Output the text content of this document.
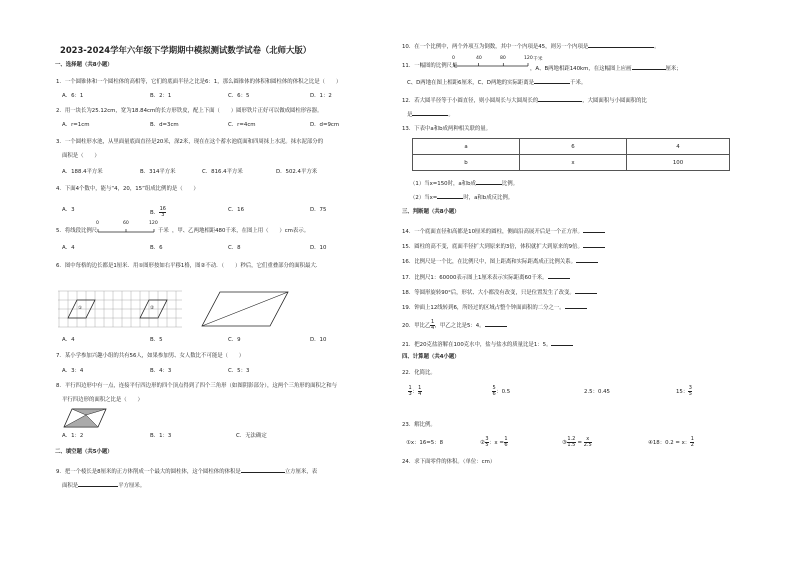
2023-2024学年六年级下学期期中模拟测试数学试卷（北师大版）
一、选择题（共8小题）
1．一个圆锥体和一个圆柱体的高相等，它们的底面半径之比是6：1，那么圆锥体的体积和圆柱体的体积之比是（　　）
A．6：1	B．2：1	C．6：5	D．1：2
2．用一块长为25.12cm，宽为18.84cm的长方形铁皮，配上下面（　　）圆形铁片正好可以做成圆柱形容器。
A．r=1cm	B．d=3cm	C．r=4cm	D．d=9cm
3．一个圆柱形水池，从里面量底面直径是20米，深2米，现在在这个蓄水池底面和四周抹上水泥。抹水泥部分的
面积是（　　）
A．188.4平方米	B．314平方米	C．816.4平方米	D．502.4平方米
4．下面4个数中，能与“4，20，15”组成比例的是（　　）
A．3	B． $\frac{16}{3}$	C．16	D．75
5．将线段比例尺
0	60	120
千米 ，甲、乙两地相距480千米，在图上用（　　）cm表示。
A．4	B．6	C．8	D．10
6．图中每格的边长都是1厘米．用①图形按如右平移1格，图②不动．（　　）秒后，它们重叠部分的面积最大．
①	②
A．4	B．5	C．9	D．10
7．某小学参加兴趣小组的共有56人，如果参加男、女人数比不可能是（　　）
A．3：4	B．4：3	C．5：3
8．平行四边形中有一点，连接平行四边形的四个顶点得到了四个三角形（如图阴影部分），这两个三角形的面积之和与
平行四边形的面积之比是（　　）
A．1：2	B．1：3	C．无法确定
二、填空题（共5小题）
9．把一个棱长是8厘米的正方体削成一个最大的圆柱体，这个圆柱体的体积是	立方厘米，表
面积是	平方厘米。
10．在一个比例中，两个外项互为倒数，其中一个内项是45，则另一个内项是	。
11．一幅图的比例尺是
0	40	80	120 千米
，A、B两地相距140km，在这幅图上应画	厘米；
C、D两地在图上相距6厘米，C、D两地的实际距离是	千米。
12．若大圆半径等于小圆直径，则小圆周长与大圆周长的	，大圆面积与小圆面积的比
是	。
13．下表中a和b成两种相关联的量。
a	6	4
b	x	100
（1）当x=150时，a和b成	比例。
（2）当x=	时，a和b成反比例。
三、判断题（共8小题）
14．一个底面直径和高都是10厘米的圆柱，侧面沿高展开后是一个正方形。
15．圆柱的高不变，底面半径扩大到原来的3倍，体积就扩大到原来的9倍。
16．比例尺是一个比，在比例尺中，图上距离和实际距离成正比例关系。
17．比例尺1：60000表示图上1厘米表示实际距离60千米。
18．等圆形旋转90°后，形状、大小都没有改变，只是位置发生了改变。
19．钟面上12线转到6，所经过的区域占整个钟面面积的二分之一。
20．甲比乙 $\frac{1}{4}$ ，甲乙之比是5：4。
21．把20克盐溶解在100克水中，盐与盐水的质量比是1：5。
四、计算题（共4小题）
22．化简比。
$\frac{1}{3}$ ： $\frac{1}{4}$	$\frac{5}{6}$ ：0.5	2.5：0.45	15： $\frac{3}{5}$
23．解比例。
①x：16=5：8	② $\frac{3}{5}$ ：$x = \frac{1}{6}$	③ $\frac{1.2}{1.5} = \frac{x}{2.5}$	④18：0.2 = x： $\frac{1}{2}$
24．求下面零件的体积。（单位：cm）
